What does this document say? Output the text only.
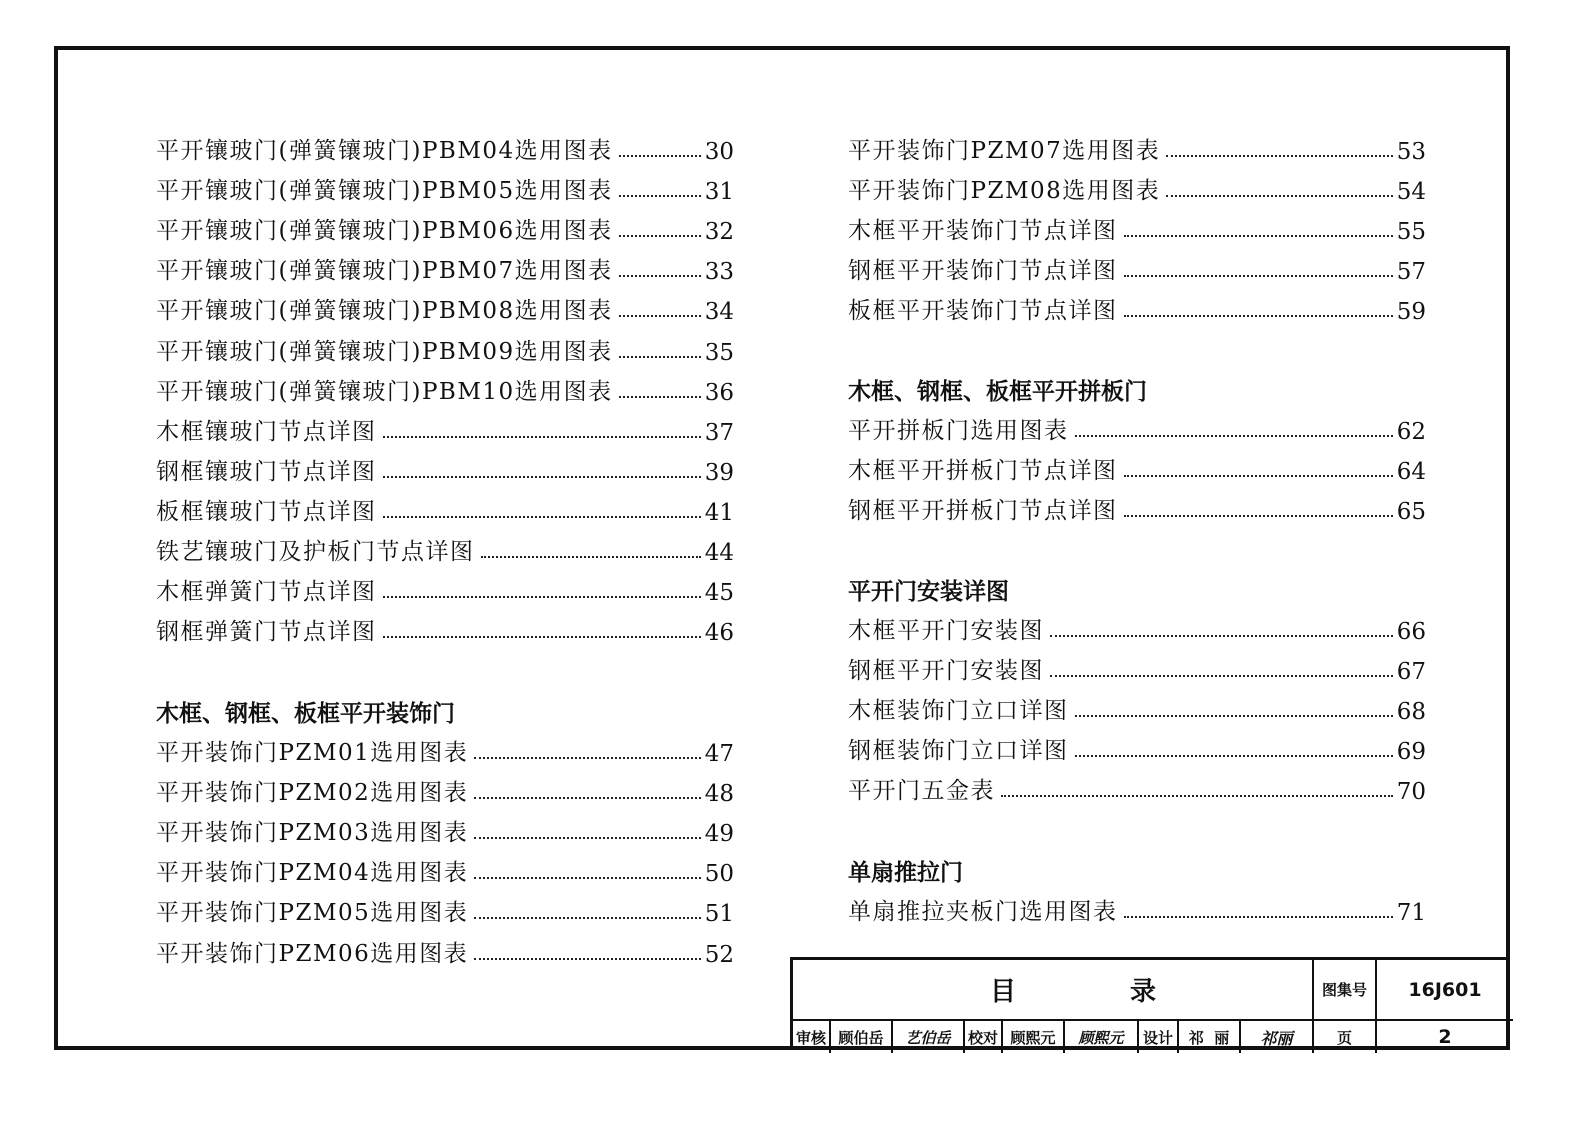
平开镶玻门(弹簧镶玻门)PBM04选用图表	30
平开镶玻门(弹簧镶玻门)PBM05选用图表	31
平开镶玻门(弹簧镶玻门)PBM06选用图表	32
平开镶玻门(弹簧镶玻门)PBM07选用图表	33
平开镶玻门(弹簧镶玻门)PBM08选用图表	34
平开镶玻门(弹簧镶玻门)PBM09选用图表	35
平开镶玻门(弹簧镶玻门)PBM10选用图表	36
木框镶玻门节点详图	37
钢框镶玻门节点详图	39
板框镶玻门节点详图	41
铁艺镶玻门及护板门节点详图	44
木框弹簧门节点详图	45
钢框弹簧门节点详图	46
木框、钢框、板框平开装饰门
平开装饰门PZM01选用图表	47
平开装饰门PZM02选用图表	48
平开装饰门PZM03选用图表	49
平开装饰门PZM04选用图表	50
平开装饰门PZM05选用图表	51
平开装饰门PZM06选用图表	52
平开装饰门PZM07选用图表	53
平开装饰门PZM08选用图表	54
木框平开装饰门节点详图	55
钢框平开装饰门节点详图	57
板框平开装饰门节点详图	59
木框、钢框、板框平开拼板门
平开拼板门选用图表	62
木框平开拼板门节点详图	64
钢框平开拼板门节点详图	65
平开门安装详图
木框平开门安装图	66
钢框平开门安装图	67
木框装饰门立口详图	68
钢框装饰门立口详图	69
平开门五金表	70
单扇推拉门
单扇推拉夹板门选用图表	71
目	录	图集号	16J601
审核 顾伯岳	艺伯岳	校对 顾熙元	顾熙元	设计	祁  丽	祁丽	页	2
